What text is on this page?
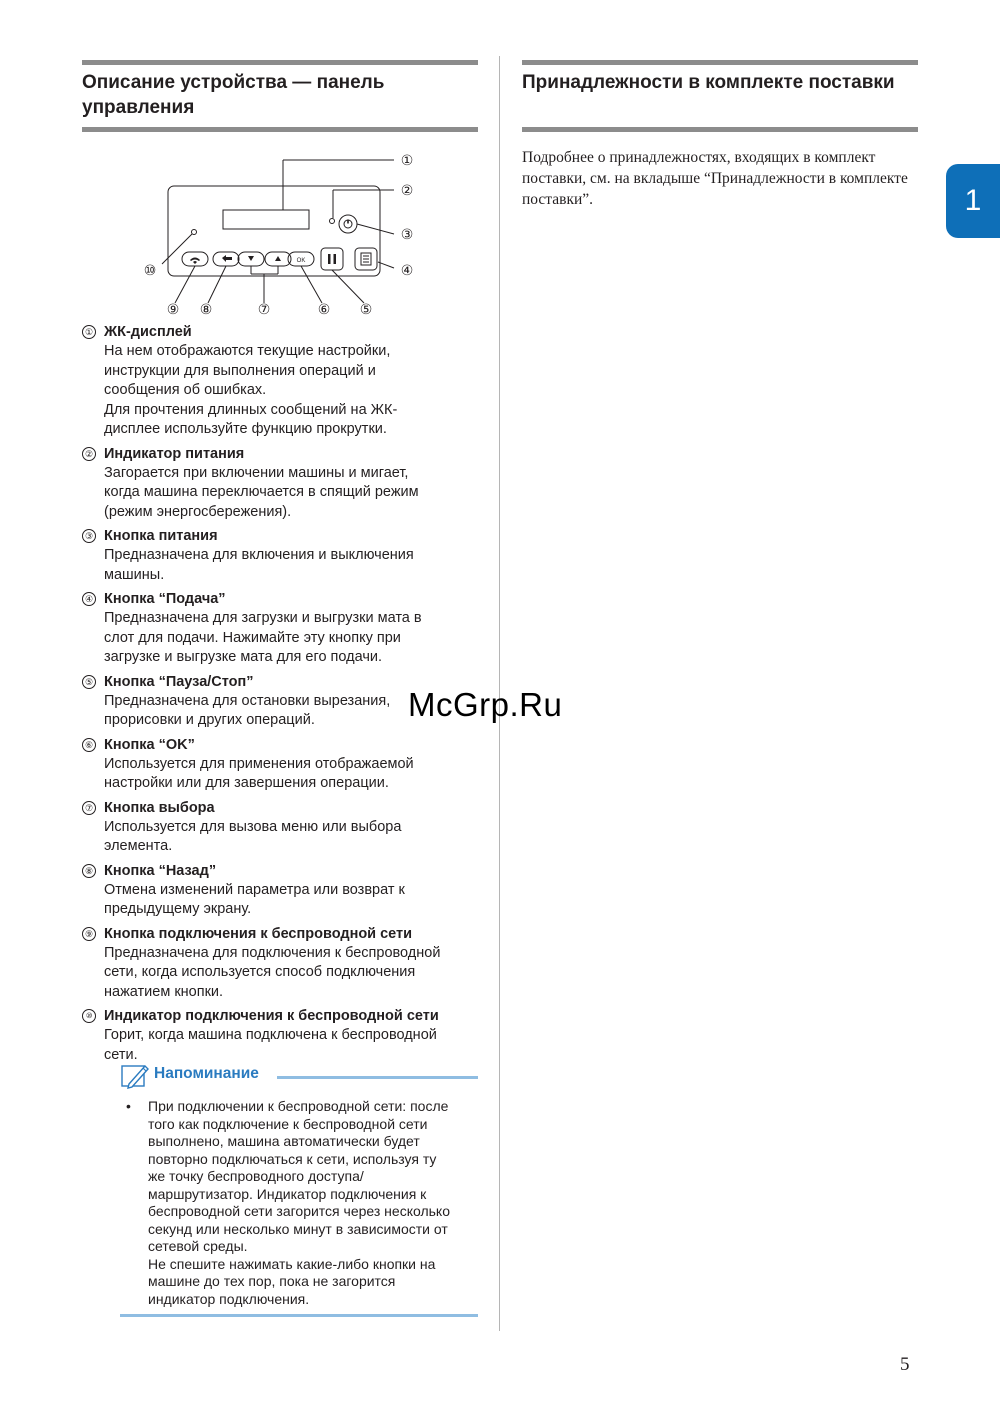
Описание устройства — панель управления
Принадлежности в комплекте поставки
Подробнее о принадлежностях, входящих в комплект поставки, см. на вкладыше “Принадлежности в комплекте поставки”.	1
OK
①
②
③
④
⑤
⑥
⑦
⑧
⑨
⑩
① ЖК-дисплей
На нем отображаются текущие настройки,
инструкции для выполнения операций и
сообщения об ошибках.
Для прочтения длинных сообщений на ЖК-
дисплее используйте функцию прокрутки.
② Индикатор питания
Загорается при включении машины и мигает,
когда машина переключается в спящий режим
(режим энергосбережения).
③ Кнопка питания
Предназначена для включения и выключения
машины.
④ Кнопка “Подача”
Предназначена для загрузки и выгрузки мата в
слот для подачи. Нажимайте эту кнопку при
загрузке и выгрузке мата для его подачи.
⑤ Кнопка “Пауза/Стоп”
Предназначена для остановки вырезания,
прорисовки и других операций.
⑥ Кнопка “OK”
Используется для применения отображаемой
настройки или для завершения операции.
⑦ Кнопка выбора
Используется для вызова меню или выбора
элемента.
⑧ Кнопка “Назад”
Отмена изменений параметра или возврат к
предыдущему экрану.
⑨ Кнопка подключения к беспроводной сети
Предназначена для подключения к беспроводной
сети, когда используется способ подключения
нажатием кнопки.
⑩ Индикатор подключения к беспроводной сети
Горит, когда машина подключена к беспроводной
сети.
Напоминание
• При подключении к беспроводной сети: после
того как подключение к беспроводной сети
выполнено, машина автоматически будет
повторно подключаться к сети, используя ту
же точку беспроводного доступа/
маршрутизатор. Индикатор подключения к
беспроводной сети загорится через несколько
секунд или несколько минут в зависимости от
сетевой среды.
Не спешите нажимать какие-либо кнопки на
машине до тех пор, пока не загорится
индикатор подключения.
McGrp.Ru
5
